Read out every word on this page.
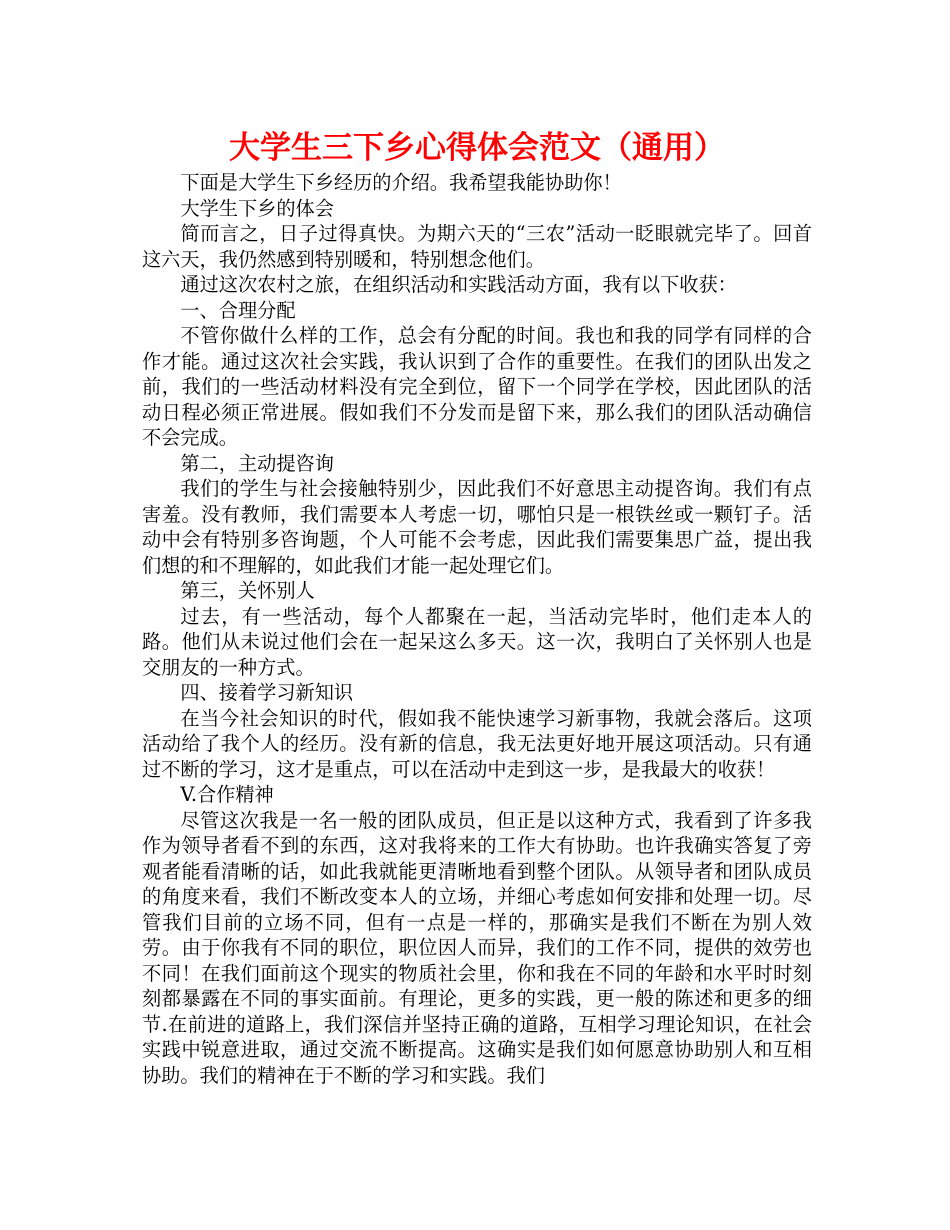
大学生三下乡心得体会范文（通用）

下面是大学生下乡经历的介绍。我希望我能协助你！

大学生下乡的体会

简而言之，日子过得真快。为期六天的“三农”活动一眨眼就完毕了。回首这六天，我仍然感到特别暖和，特别想念他们。

通过这次农村之旅，在组织活动和实践活动方面，我有以下收获：

一、合理分配

不管你做什么样的工作，总会有分配的时间。我也和我的同学有同样的合作才能。通过这次社会实践，我认识到了合作的重要性。在我们的团队出发之前，我们的一些活动材料没有完全到位，留下一个同学在学校，因此团队的活动日程必须正常进展。假如我们不分发而是留下来，那么我们的团队活动确信不会完成。

第二，主动提咨询

我们的学生与社会接触特别少，因此我们不好意思主动提咨询。我们有点害羞。没有教师，我们需要本人考虑一切，哪怕只是一根铁丝或一颗钉子。活动中会有特别多咨询题，个人可能不会考虑，因此我们需要集思广益，提出我们想的和不理解的，如此我们才能一起处理它们。

第三，关怀别人

过去，有一些活动，每个人都聚在一起，当活动完毕时，他们走本人的路。他们从未说过他们会在一起呆这么多天。这一次，我明白了关怀别人也是交朋友的一种方式。

四、接着学习新知识

在当今社会知识的时代，假如我不能快速学习新事物，我就会落后。这项活动给了我个人的经历。没有新的信息，我无法更好地开展这项活动。只有通过不断的学习，这才是重点，可以在活动中走到这一步，是我最大的收获！

V.合作精神

尽管这次我是一名一般的团队成员，但正是以这种方式，我看到了许多我作为领导者看不到的东西，这对我将来的工作大有协助。也许我确实答复了旁观者能看清晰的话，如此我就能更清晰地看到整个团队。从领导者和团队成员的角度来看，我们不断改变本人的立场，并细心考虑如何安排和处理一切。尽管我们目前的立场不同，但有一点是一样的，那确实是我们不断在为别人效劳。由于你我有不同的职位，职位因人而异，我们的工作不同，提供的效劳也不同！在我们面前这个现实的物质社会里，你和我在不同的年龄和水平时时刻刻都暴露在不同的事实面前。有理论，更多的实践，更一般的陈述和更多的细节.在前进的道路上，我们深信并坚持正确的道路，互相学习理论知识，在社会实践中锐意进取，通过交流不断提高。这确实是我们如何愿意协助别人和互相协助。我们的精神在于不断的学习和实践。我们
